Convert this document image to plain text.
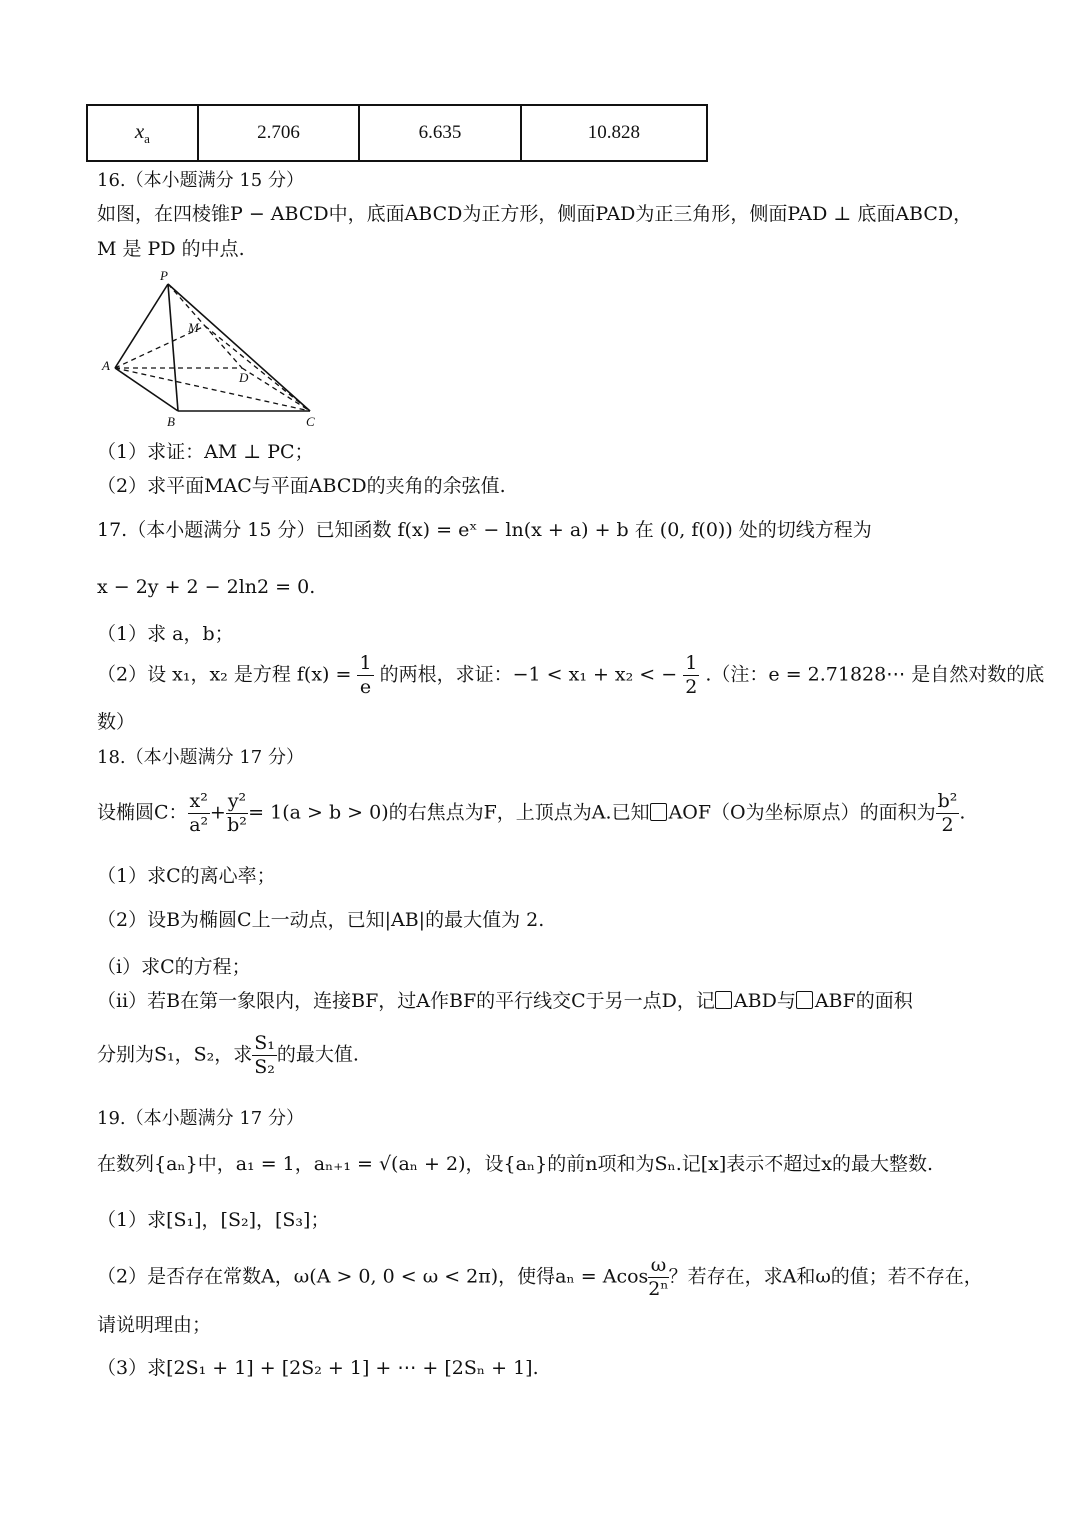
$x_a$	2.706	6.635	10.828
16.（本小题满分 15 分）
如图，在四棱锥P − ABCD中，底面ABCD为正方形，侧面PAD为正三角形，侧面PAD ⊥ 底面ABCD，
M 是 PD 的中点.
P
M
A
D
B	C
（1）求证：AM ⊥ PC；
（2）求平面MAC与平面ABCD的夹角的余弦值.
17.（本小题满分 15 分）已知函数 f(x) = eˣ − ln(x + a) + b 在 (0, f(0)) 处的切线方程为
x − 2y + 2 − 2ln2 = 0.
（1）求 a，b；
（2）设 x₁，x₂ 是方程 $f(x) = \frac{1}{e}$ 的两根，求证：−1 < x₁ + x₂ < − $\frac{1}{2}$ .（注：e = 2.71828⋯ 是自然对数的底
数）
18.（本小题满分 17 分）
设椭圆C： $\frac{\text{x²}}{\text{a²}} + \frac{\text{y²}}{\text{b²}} = 1(a > b > 0)$的右焦点为F，上顶点为A.已知 AOF（O为坐标原点）的面积为 $\frac{\text{b²}}{2}$ .
（1）求C的离心率；
（2）设B为椭圆C上一动点，已知|AB|的最大值为 2.
（ⅰ）求C的方程；
（ⅱ）若B在第一象限内，连接BF，过A作BF的平行线交C于另一点D，记 ABD与 ABF的面积
分别为S₁，S₂，求 $\frac{\text{S₁}}{\text{S₂}}$ 的最大值.
19.（本小题满分 17 分）
在数列{aₙ}中，a₁ = 1，aₙ₊₁ = √(aₙ + 2)，设{aₙ}的前n项和为Sₙ.记[x]表示不超过x的最大整数.
（1）求[S₁]，[S₂]，[S₃]；
（2）是否存在常数A，ω(A > 0, 0 < ω < 2π)，使得aₙ = Acos $\frac{\omega}{\text{2ⁿ}}$ ？若存在，求A和ω的值；若不存在，
请说明理由；
（3）求[2S₁ + 1] + [2S₂ + 1] + ⋯ + [2Sₙ + 1].
